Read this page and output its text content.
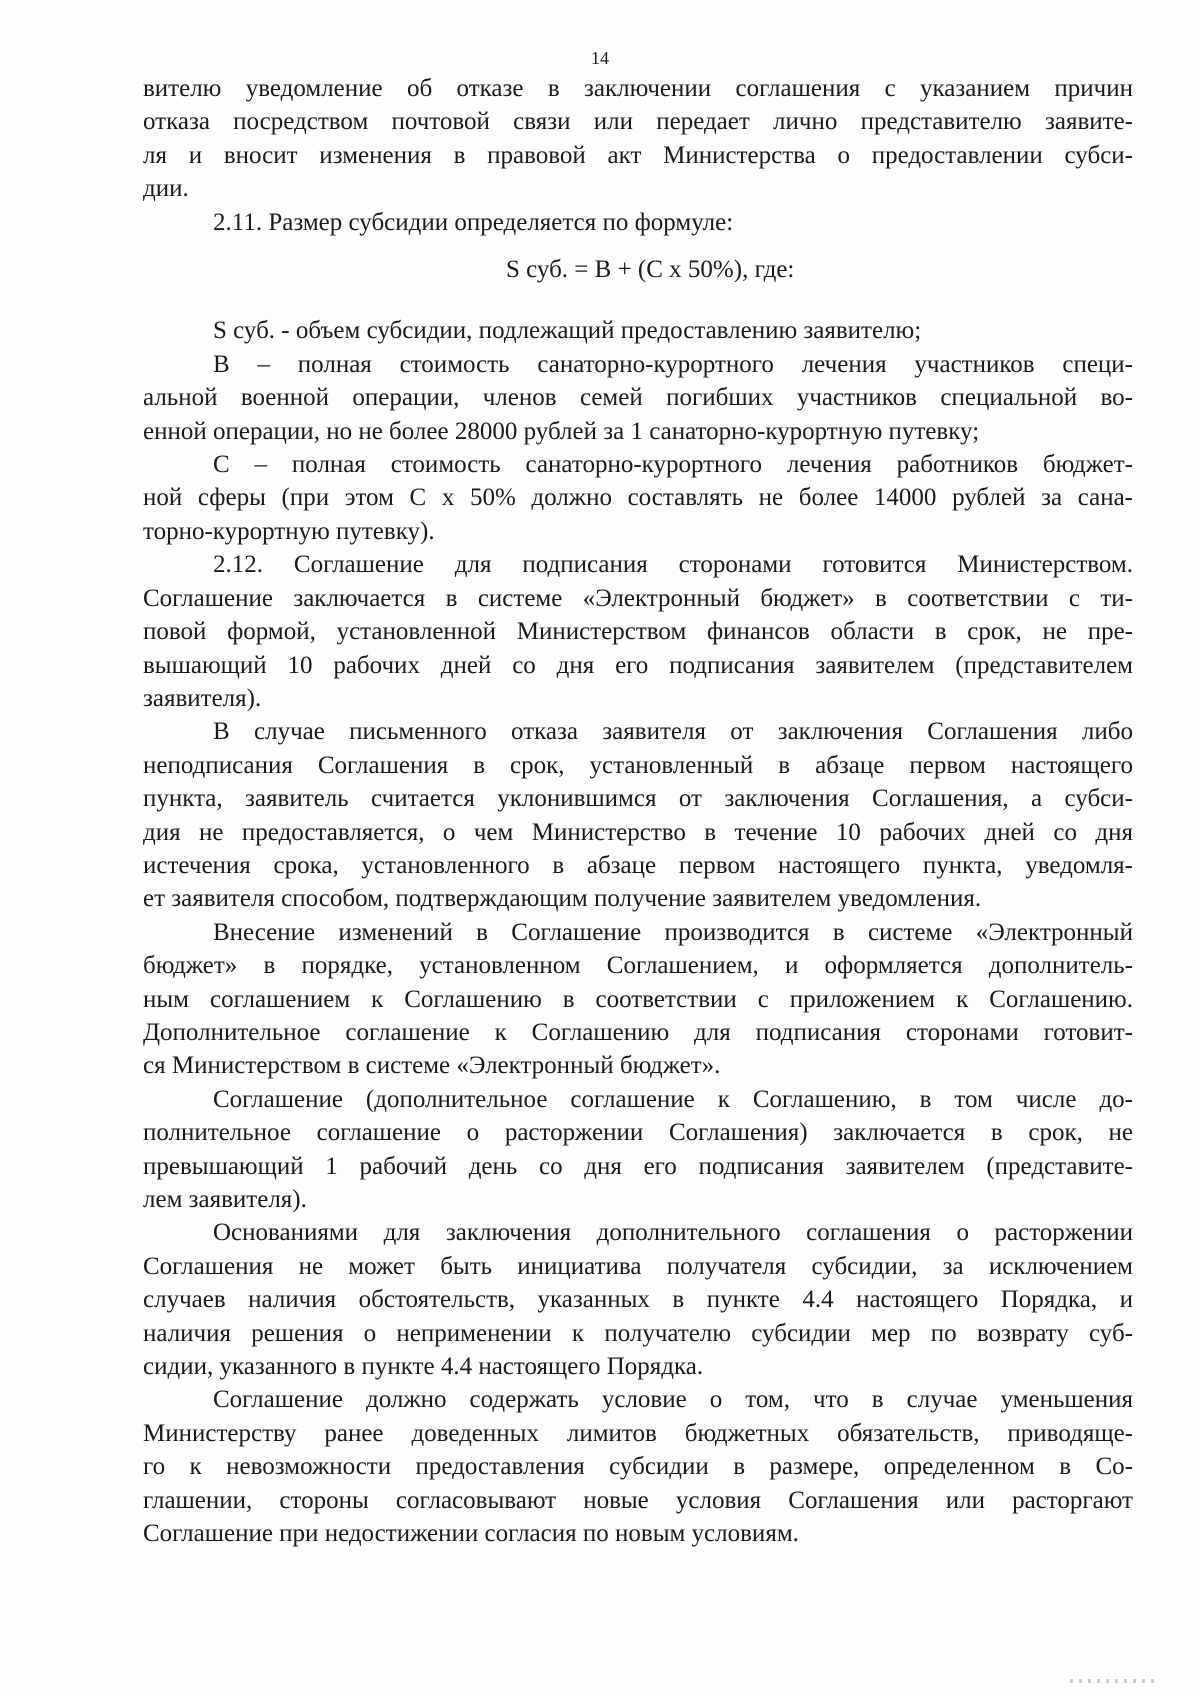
14
вителю уведомление об отказе в заключении соглашения с указанием причин
отказа посредством почтовой связи или передает лично представителю заявите-
ля и вносит изменения в правовой акт Министерства о предоставлении субси-
дии.
2.11. Размер субсидии определяется по формуле:
S суб. = В + (С х 50%), где:
S суб. - объем субсидии, подлежащий предоставлению заявителю;
В – полная стоимость санаторно-курортного лечения участников специ-
альной военной операции, членов семей погибших участников специальной во-
енной операции, но не более 28000 рублей за 1 санаторно-курортную путевку;
С – полная стоимость санаторно-курортного лечения работников бюджет-
ной сферы (при этом С х 50% должно составлять не более 14000 рублей за сана-
торно-курортную путевку).
2.12. Соглашение для подписания сторонами готовится Министерством.
Соглашение заключается в системе «Электронный бюджет» в соответствии с ти-
повой формой, установленной Министерством финансов области в срок, не пре-
вышающий 10 рабочих дней со дня его подписания заявителем (представителем
заявителя).
В случае письменного отказа заявителя от заключения Соглашения либо
неподписания Соглашения в срок, установленный в абзаце первом настоящего
пункта, заявитель считается уклонившимся от заключения Соглашения, а субси-
дия не предоставляется, о чем Министерство в течение 10 рабочих дней со дня
истечения срока, установленного в абзаце первом настоящего пункта, уведомля-
ет заявителя способом, подтверждающим получение заявителем уведомления.
Внесение изменений в Соглашение производится в системе «Электронный
бюджет» в порядке, установленном Соглашением, и оформляется дополнитель-
ным соглашением к Соглашению в соответствии с приложением к Соглашению.
Дополнительное соглашение к Соглашению для подписания сторонами готовит-
ся Министерством в системе «Электронный бюджет».
Соглашение (дополнительное соглашение к Соглашению, в том числе до-
полнительное соглашение о расторжении Соглашения) заключается в срок, не
превышающий 1 рабочий день со дня его подписания заявителем (представите-
лем заявителя).
Основаниями для заключения дополнительного соглашения о расторжении
Соглашения не может быть инициатива получателя субсидии, за исключением
случаев наличия обстоятельств, указанных в пункте 4.4 настоящего Порядка, и
наличия решения о неприменении к получателю субсидии мер по возврату суб-
сидии, указанного в пункте 4.4 настоящего Порядка.
Соглашение должно содержать условие о том, что в случае уменьшения
Министерству ранее доведенных лимитов бюджетных обязательств, приводяще-
го к невозможности предоставления субсидии в размере, определенном в Со-
глашении, стороны согласовывают новые условия Соглашения или расторгают
Соглашение при недостижении согласия по новым условиям.
